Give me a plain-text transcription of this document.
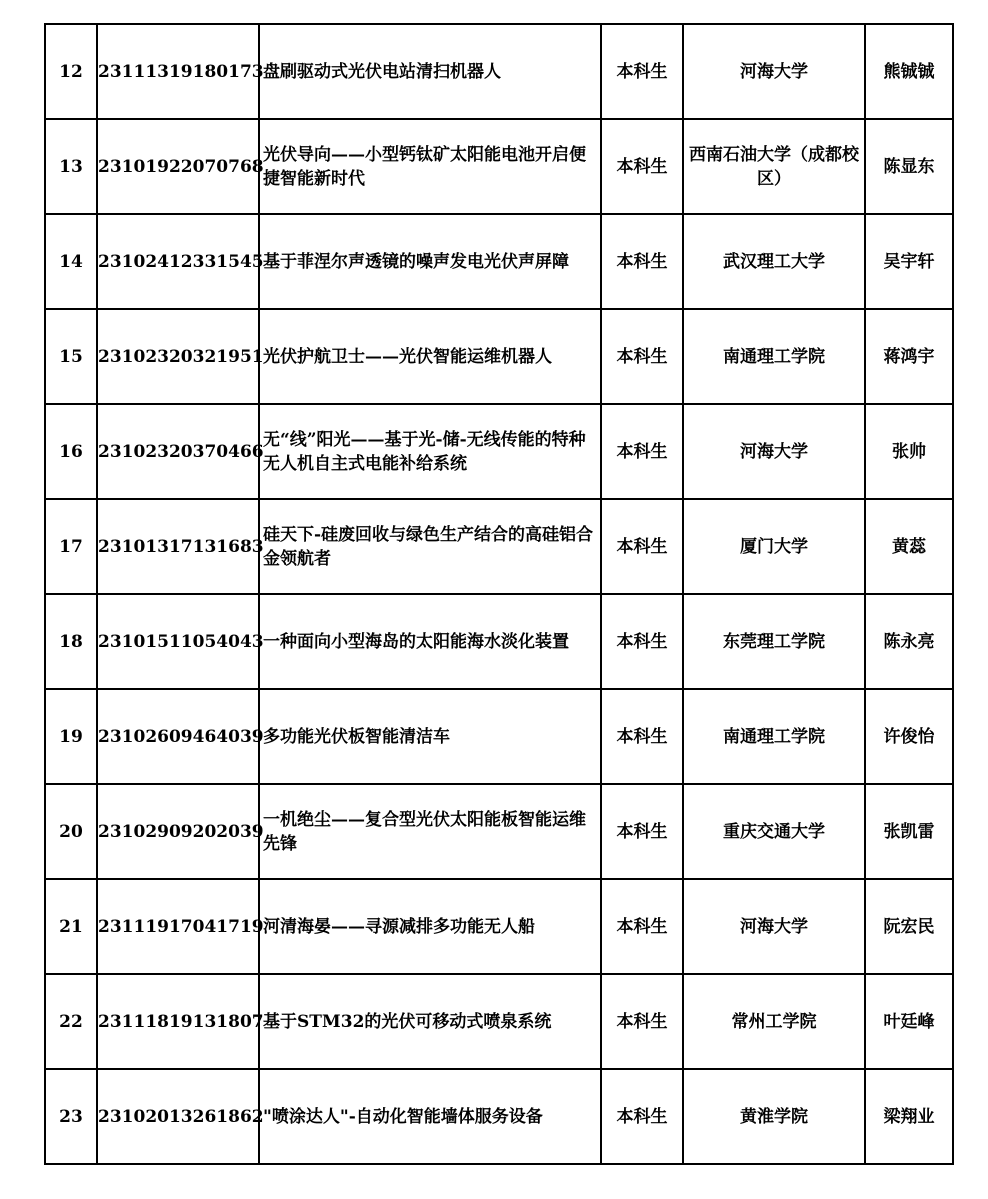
12	23111319180173	盘刷驱动式光伏电站清扫机器人	本科生	河海大学	熊铖铖
13	23101922070768	光伏导向——小型钙钛矿太阳能电池开启便捷智能新时代	本科生	西南石油大学（成都校区）	陈显东
14	23102412331545	基于菲涅尔声透镜的噪声发电光伏声屏障	本科生	武汉理工大学	吴宇轩
15	23102320321951	光伏护航卫士——光伏智能运维机器人	本科生	南通理工学院	蒋鸿宇
16	23102320370466	无“线”阳光——基于光-储-无线传能的特种无人机自主式电能补给系统	本科生	河海大学	张帅
17	23101317131683	硅天下-硅废回收与绿色生产结合的高硅铝合金领航者	本科生	厦门大学	黄蕊
18	23101511054043	一种面向小型海岛的太阳能海水淡化装置	本科生	东莞理工学院	陈永亮
19	23102609464039	多功能光伏板智能清洁车	本科生	南通理工学院	许俊怡
20	23102909202039	一机绝尘——复合型光伏太阳能板智能运维先锋	本科生	重庆交通大学	张凯雷
21	23111917041719	河清海晏——寻源减排多功能无人船	本科生	河海大学	阮宏民
22	23111819131807	基于STM32的光伏可移动式喷泉系统	本科生	常州工学院	叶廷峰
23	23102013261862	"喷涂达人"-自动化智能墙体服务设备	本科生	黄淮学院	梁翔业
